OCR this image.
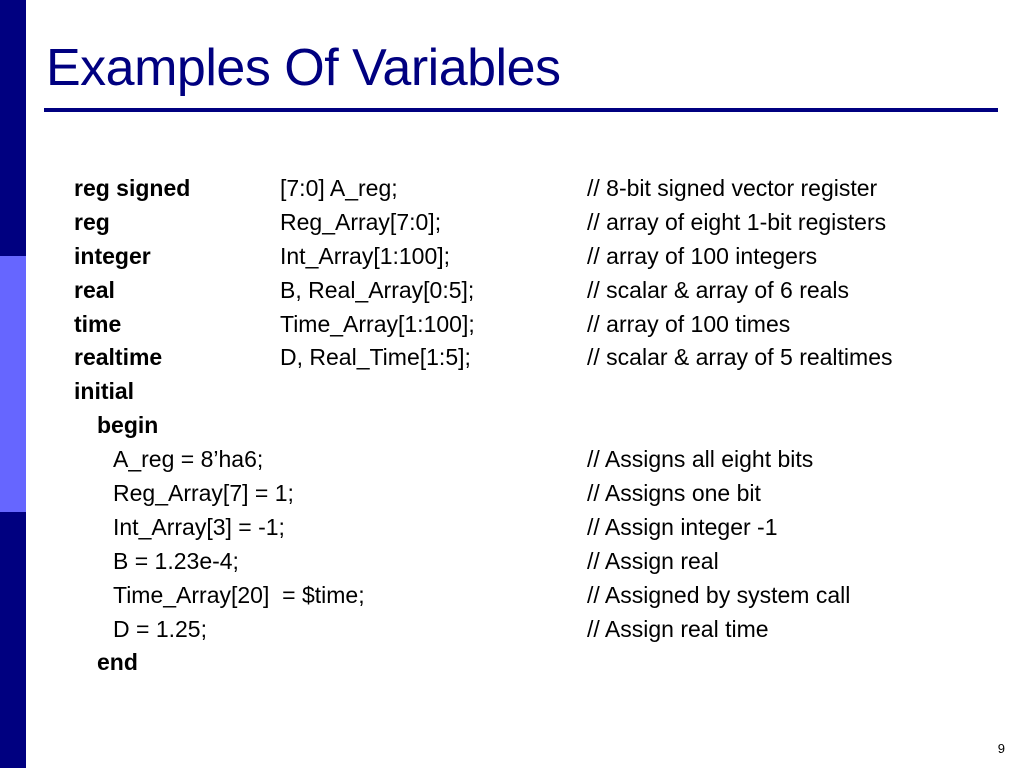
Examples Of Variables
reg signed	[7:0] A_reg;	// 8-bit signed vector register
reg	Reg_Array[7:0];	// array of eight 1-bit registers
integer	Int_Array[1:100];	// array of 100 integers
real	B, Real_Array[0:5];	// scalar & array of 6 reals
time	Time_Array[1:100];	// array of 100 times
realtime	D, Real_Time[1:5];	// scalar & array of 5 realtimes
initial
begin
A_reg = 8’ha6;	// Assigns all eight bits
Reg_Array[7] = 1;	// Assigns one bit
Int_Array[3] = -1;	// Assign integer -1
B = 1.23e-4;	// Assign real
Time_Array[20]  = $time;	// Assigned by system call
D = 1.25;	// Assign real time
end
9
